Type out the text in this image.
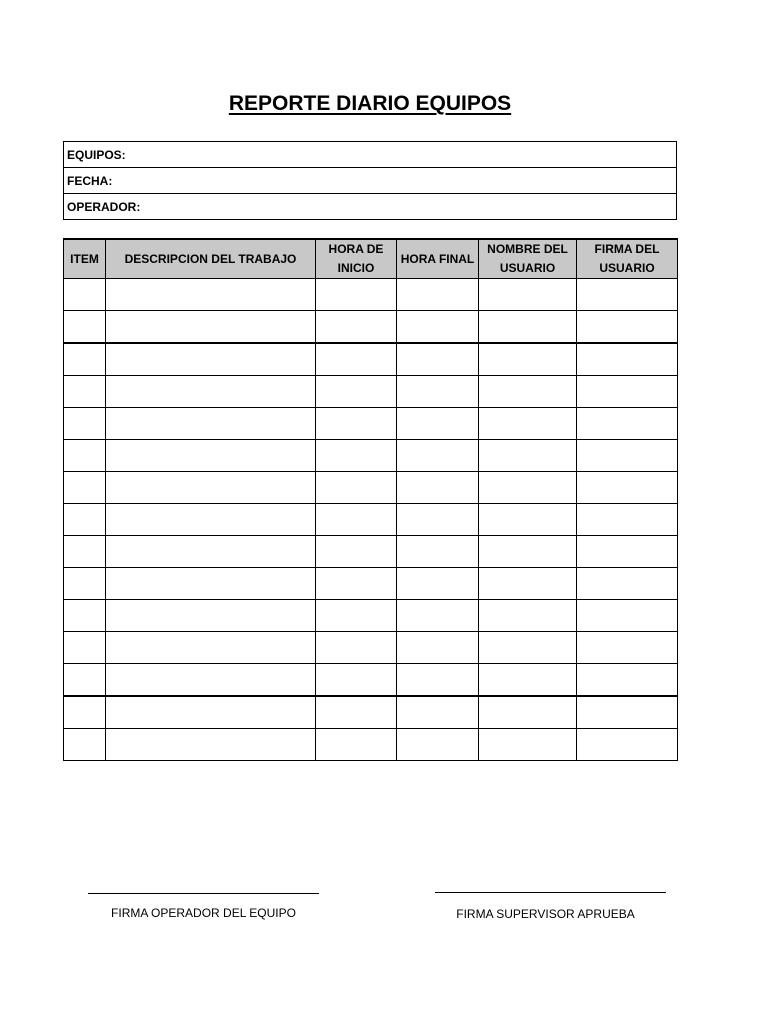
REPORTE DIARIO EQUIPOS
EQUIPOS:
FECHA:
OPERADOR:
ITEM	DESCRIPCION DEL TRABAJO	HORA DE INICIO	HORA FINAL	NOMBRE DEL USUARIO	FIRMA DEL USUARIO

FIRMA OPERADOR DEL EQUIPO	FIRMA SUPERVISOR APRUEBA
